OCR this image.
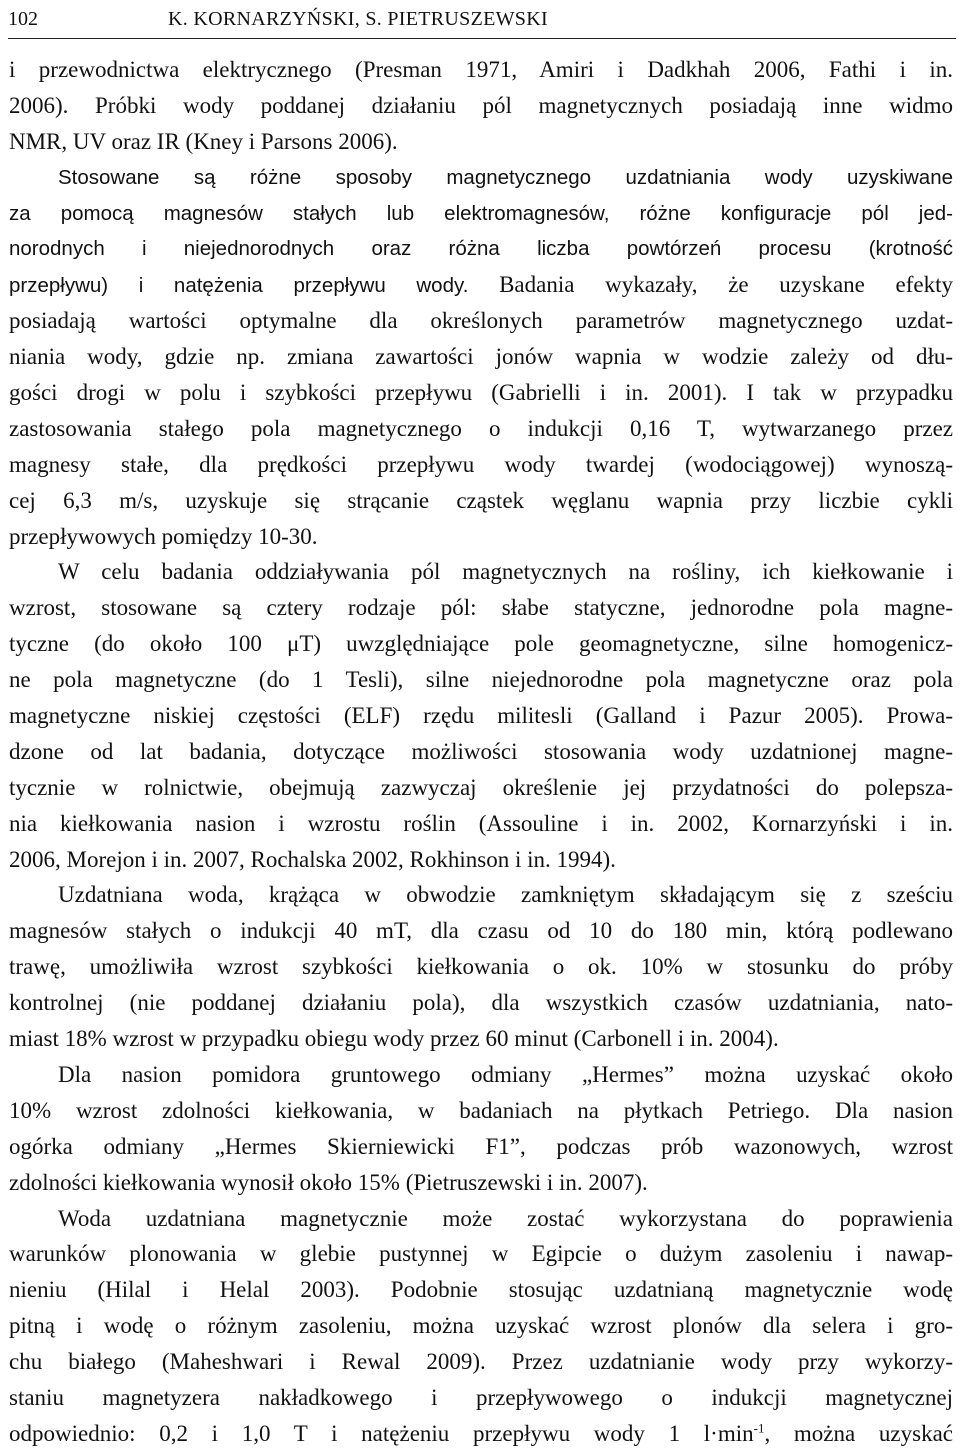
102	K. KORNARZYŃSKI, S. PIETRUSZEWSKI
i przewodnictwa elektrycznego (Presman 1971, Amiri i Dadkhah 2006, Fathi i in.
2006). Próbki wody poddanej działaniu pól magnetycznych posiadają inne widmo
NMR, UV oraz IR (Kney i Parsons 2006).
Stosowane są różne sposoby magnetycznego uzdatniania wody uzyskiwane
za pomocą magnesów stałych lub elektromagnesów, różne konfiguracje pól jed-
norodnych i niejednorodnych oraz różna liczba powtórzeń procesu (krotność
przepływu) i natężenia przepływu wody. Badania wykazały, że uzyskane efekty
posiadają wartości optymalne dla określonych parametrów magnetycznego uzdat-
niania wody, gdzie np. zmiana zawartości jonów wapnia w wodzie zależy od dłu-
gości drogi w polu i szybkości przepływu (Gabrielli i in. 2001). I tak w przypadku
zastosowania stałego pola magnetycznego o indukcji 0,16 T, wytwarzanego przez
magnesy stałe, dla prędkości przepływu wody twardej (wodociągowej) wynoszą-
cej 6,3 m/s, uzyskuje się strącanie cząstek węglanu wapnia przy liczbie cykli
przepływowych pomiędzy 10-30.
W celu badania oddziaływania pól magnetycznych na rośliny, ich kiełkowanie i
wzrost, stosowane są cztery rodzaje pól: słabe statyczne, jednorodne pola magne-
tyczne (do około 100 μT) uwzględniające pole geomagnetyczne, silne homogenicz-
ne pola magnetyczne (do 1 Tesli), silne niejednorodne pola magnetyczne oraz pola
magnetyczne niskiej częstości (ELF) rzędu militesli (Galland i Pazur 2005). Prowa-
dzone od lat badania, dotyczące możliwości stosowania wody uzdatnionej magne-
tycznie w rolnictwie, obejmują zazwyczaj określenie jej przydatności do polepsza-
nia kiełkowania nasion i wzrostu roślin (Assouline i in. 2002, Kornarzyński i in.
2006, Morejon i in. 2007, Rochalska 2002, Rokhinson i in. 1994).
Uzdatniana woda, krążąca w obwodzie zamkniętym składającym się z sześciu
magnesów stałych o indukcji 40 mT, dla czasu od 10 do 180 min, którą podlewano
trawę, umożliwiła wzrost szybkości kiełkowania o ok. 10% w stosunku do próby
kontrolnej (nie poddanej działaniu pola), dla wszystkich czasów uzdatniania, nato-
miast 18% wzrost w przypadku obiegu wody przez 60 minut (Carbonell i in. 2004).
Dla nasion pomidora gruntowego odmiany „Hermes” można uzyskać około
10% wzrost zdolności kiełkowania, w badaniach na płytkach Petriego. Dla nasion
ogórka odmiany „Hermes Skierniewicki F1”, podczas prób wazonowych, wzrost
zdolności kiełkowania wynosił około 15% (Pietruszewski i in. 2007).
Woda uzdatniana magnetycznie może zostać wykorzystana do poprawienia
warunków plonowania w glebie pustynnej w Egipcie o dużym zasoleniu i nawap-
nieniu (Hilal i Helal 2003). Podobnie stosując uzdatnianą magnetycznie wodę
pitną i wodę o różnym zasoleniu, można uzyskać wzrost plonów dla selera i gro-
chu białego (Maheshwari i Rewal 2009). Przez uzdatnianie wody przy wykorzy-
staniu magnetyzera nakładkowego i przepływowego o indukcji magnetycznej
odpowiednio: 0,2 i 1,0 T i natężeniu przepływu wody 1 $l\cdot\min^{-1}$, można uzyskać
